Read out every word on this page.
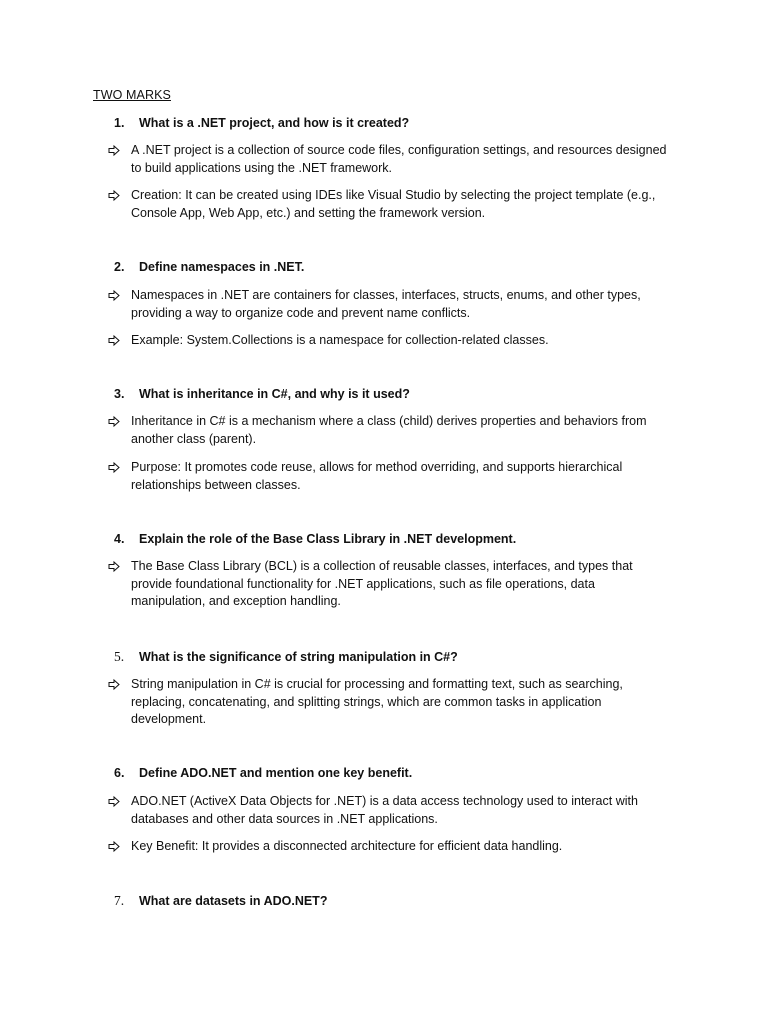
TWO MARKS
1. What is a .NET project, and how is it created?
A .NET project is a collection of source code files, configuration settings, and resources designed to build applications using the .NET framework.
Creation: It can be created using IDEs like Visual Studio by selecting the project template (e.g., Console App, Web App, etc.) and setting the framework version.
2. Define namespaces in .NET.
Namespaces in .NET are containers for classes, interfaces, structs, enums, and other types, providing a way to organize code and prevent name conflicts.
Example: System.Collections is a namespace for collection-related classes.
3. What is inheritance in C#, and why is it used?
Inheritance in C# is a mechanism where a class (child) derives properties and behaviors from another class (parent).
Purpose: It promotes code reuse, allows for method overriding, and supports hierarchical relationships between classes.
4. Explain the role of the Base Class Library in .NET development.
The Base Class Library (BCL) is a collection of reusable classes, interfaces, and types that provide foundational functionality for .NET applications, such as file operations, data manipulation, and exception handling.
5. What is the significance of string manipulation in C#?
String manipulation in C# is crucial for processing and formatting text, such as searching, replacing, concatenating, and splitting strings, which are common tasks in application development.
6. Define ADO.NET and mention one key benefit.
ADO.NET (ActiveX Data Objects for .NET) is a data access technology used to interact with databases and other data sources in .NET applications.
Key Benefit: It provides a disconnected architecture for efficient data handling.
7. What are datasets in ADO.NET?
